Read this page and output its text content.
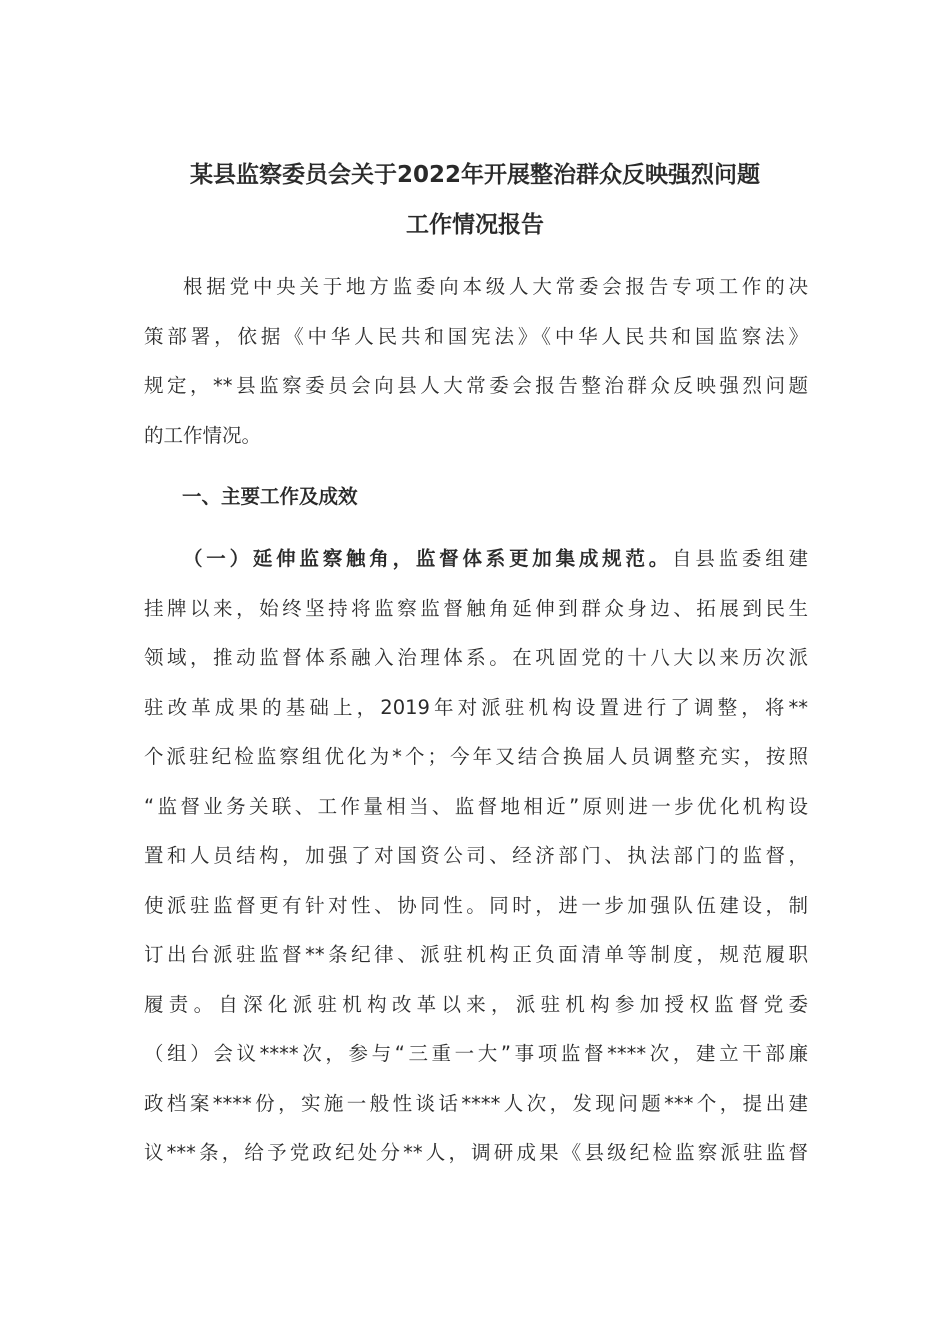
某县监察委员会关于2022年开展整治群众反映强烈问题
工作情况报告
根据党中央关于地方监委向本级人大常委会报告专项工作的决
策部署，依据《中华人民共和国宪法》《中华人民共和国监察法》
规定，**县监察委员会向县人大常委会报告整治群众反映强烈问题
的工作情况。
一、主要工作及成效
（一）延伸监察触角，监督体系更加集成规范。自县监委组建
挂牌以来，始终坚持将监察监督触角延伸到群众身边、拓展到民生
领域，推动监督体系融入治理体系。在巩固党的十八大以来历次派
驻改革成果的基础上，2019年对派驻机构设置进行了调整，将**
个派驻纪检监察组优化为*个；今年又结合换届人员调整充实，按照
“监督业务关联、工作量相当、监督地相近”原则进一步优化机构设
置和人员结构，加强了对国资公司、经济部门、执法部门的监督，
使派驻监督更有针对性、协同性。同时，进一步加强队伍建设，制
订出台派驻监督**条纪律、派驻机构正负面清单等制度，规范履职
履责。自深化派驻机构改革以来，派驻机构参加授权监督党委
（组）会议****次，参与“三重一大”事项监督****次，建立干部廉
政档案****份，实施一般性谈话****人次，发现问题***个，提出建
议***条，给予党政纪处分**人，调研成果《县级纪检监察派驻监督
